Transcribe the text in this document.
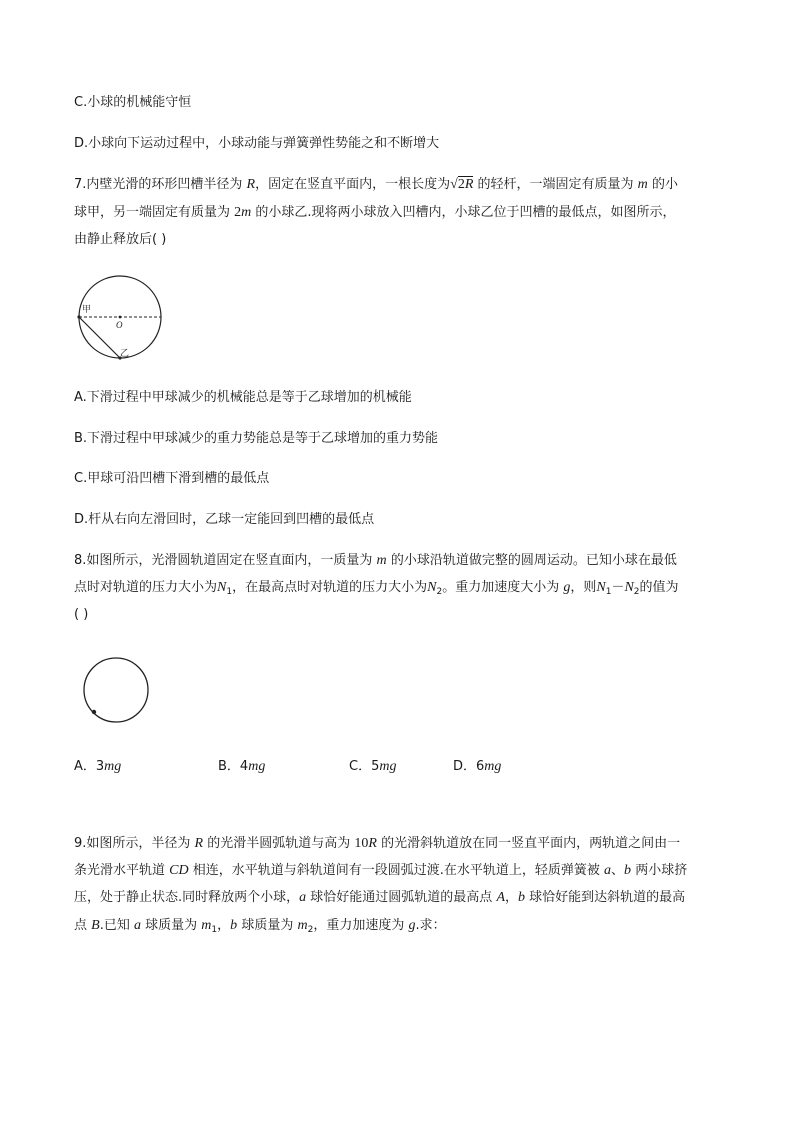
C.小球的机械能守恒
D.小球向下运动过程中，小球动能与弹簧弹性势能之和不断增大
7.内壁光滑的环形凹槽半径为 R，固定在竖直平面内，一根长度为√2R 的轻杆，一端固定有质量为 m 的小
球甲，另一端固定有质量为 2m 的小球乙.现将两小球放入凹槽内，小球乙位于凹槽的最低点，如图所示，
由静止释放后( )
甲
O
乙
A.下滑过程中甲球减少的机械能总是等于乙球增加的机械能
B.下滑过程中甲球减少的重力势能总是等于乙球增加的重力势能
C.甲球可沿凹槽下滑到槽的最低点
D.杆从右向左滑回时，乙球一定能回到凹槽的最低点
8.如图所示，光滑圆轨道固定在竖直面内，一质量为 m 的小球沿轨道做完整的圆周运动。已知小球在最低
点时对轨道的压力大小为$N_1$，在最高点时对轨道的压力大小为$N_2$。重力加速度大小为 g，则$N_1-N_2$的值为
( )
A．3mg	B．4mg	C．5mg	D．6mg
9.如图所示，半径为 R 的光滑半圆弧轨道与高为 10R 的光滑斜轨道放在同一竖直平面内，两轨道之间由一
条光滑水平轨道 CD 相连，水平轨道与斜轨道间有一段圆弧过渡.在水平轨道上，轻质弹簧被 a、b 两小球挤
压，处于静止状态.同时释放两个小球，a 球恰好能通过圆弧轨道的最高点 A，b 球恰好能到达斜轨道的最高
点 B.已知 a 球质量为 $m_1$，b 球质量为 $m_2$，重力加速度为 g.求：
